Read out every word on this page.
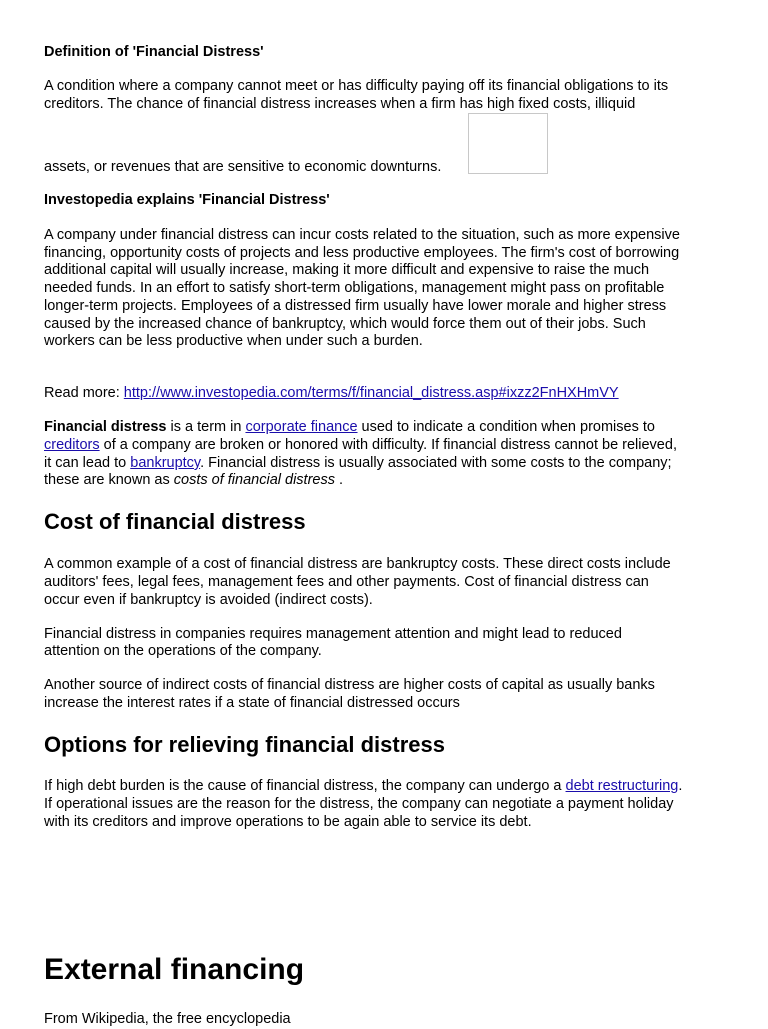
Definition of 'Financial Distress'

A condition where a company cannot meet or has difficulty paying off its financial obligations to its

creditors. The chance of financial distress increases when a firm has high fixed costs, illiquid

assets, or revenues that are sensitive to economic downturns.

Investopedia explains 'Financial Distress'

A company under financial distress can incur costs related to the situation, such as more expensive

financing, opportunity costs of projects and less productive employees. The firm's cost of borrowing

additional capital will usually increase, making it more difficult and expensive to raise the much

needed funds. In an effort to satisfy short-term obligations, management might pass on profitable

longer-term projects. Employees of a distressed firm usually have lower morale and higher stress

caused by the increased chance of bankruptcy, which would force them out of their jobs. Such

workers can be less productive when under such a burden.

Read more: http://www.investopedia.com/terms/f/financial_distress.asp#ixzz2FnHXHmVY

Financial distress is a term in corporate finance used to indicate a condition when promises to

creditors of a company are broken or honored with difficulty. If financial distress cannot be relieved,

it can lead to bankruptcy. Financial distress is usually associated with some costs to the company;

these are known as costs of financial distress .

Cost of financial distress

A common example of a cost of financial distress are bankruptcy costs. These direct costs include

auditors' fees, legal fees, management fees and other payments. Cost of financial distress can

occur even if bankruptcy is avoided (indirect costs).

Financial distress in companies requires management attention and might lead to reduced

attention on the operations of the company.

Another source of indirect costs of financial distress are higher costs of capital as usually banks

increase the interest rates if a state of financial distressed occurs

Options for relieving financial distress

If high debt burden is the cause of financial distress, the company can undergo a debt restructuring.

If operational issues are the reason for the distress, the company can negotiate a payment holiday

with its creditors and improve operations to be again able to service its debt.

External financing

From Wikipedia, the free encyclopedia
